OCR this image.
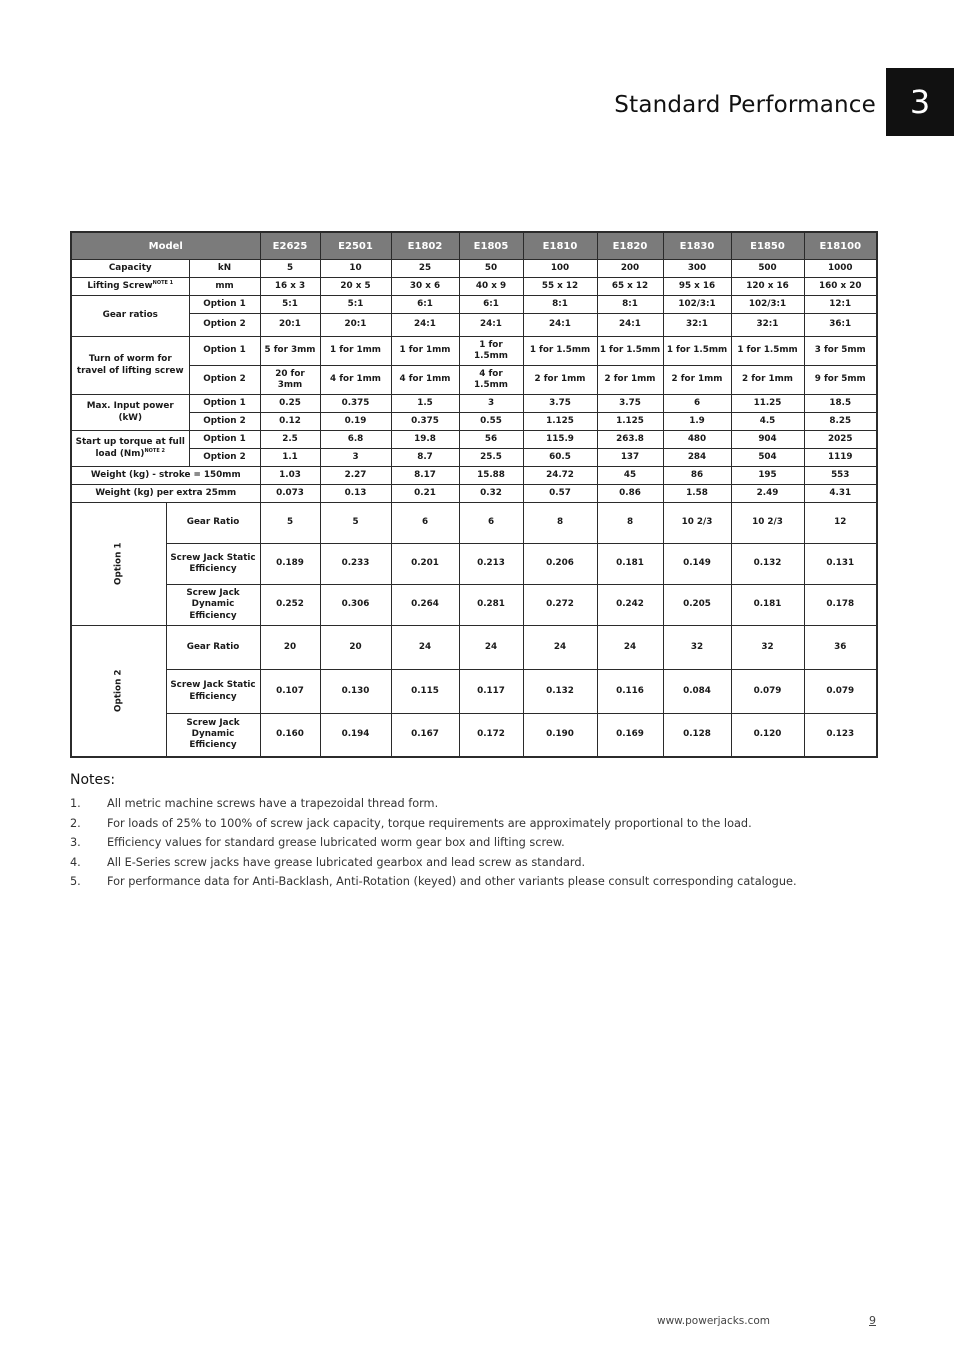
Standard Performance	3
Model			E2625	E2501	E1802	E1805	E1810	E1820	E1830	E1850	E18100
Capacity		kN	5	10	25	50	100	200	300	500	1000
Lifting Screw$^{NOTE 1}$		mm	16 x 3	20 x 5	30 x 6	40 x 9	55 x 12	65 x 12	95 x 16	120 x 16	160 x 20
Gear ratios		Option 1	5:1	5:1	6:1	6:1	8:1	8:1	102/3:1	102/3:1	12:1
		Option 2	20:1	20:1	24:1	24:1	24:1	24:1	32:1	32:1	36:1
Turn of worm for travel of lifting screw		Option 1	5 for 3mm	1 for 1mm	1 for 1mm	1 for 1.5mm	1 for 1.5mm	1 for 1.5mm	1 for 1.5mm	1 for 1.5mm	3 for 5mm
		Option 2	20 for 3mm	4 for 1mm	4 for 1mm	4 for 1.5mm	2 for 1mm	2 for 1mm	2 for 1mm	2 for 1mm	9 for 5mm
Max. Input power (kW)		Option 1	0.25	0.375	1.5	3	3.75	3.75	6	11.25	18.5
		Option 2	0.12	0.19	0.375	0.55	1.125	1.125	1.9	4.5	8.25
Start up torque at full load $(Nm)^{NOTE 2}$		Option 1	2.5	6.8	19.8	56	115.9	263.8	480	904	2025
		Option 2	1.1	3	8.7	25.5	60.5	137	284	504	1119
Weight (kg) - stroke = 150mm			1.03	2.27	8.17	15.88	24.72	45	86	195	553
Weight (kg) per extra 25mm			0.073	0.13	0.21	0.32	0.57	0.86	1.58	2.49	4.31
Option 1	Gear Ratio		5	5	6	6	8	8	10 2/3	10 2/3	12
	Screw Jack Static Efficiency		0.189	0.233	0.201	0.213	0.206	0.181	0.149	0.132	0.131
	Screw Jack Dynamic Efficiency		0.252	0.306	0.264	0.281	0.272	0.242	0.205	0.181	0.178
Option 2	Gear Ratio		20	20	24	24	24	24	32	32	36
	Screw Jack Static Efficiency		0.107	0.130	0.115	0.117	0.132	0.116	0.084	0.079	0.079
	Screw Jack Dynamic Efficiency		0.160	0.194	0.167	0.172	0.190	0.169	0.128	0.120	0.123
Notes:
1.	All metric machine screws have a trapezoidal thread form.
2.	For loads of 25% to 100% of screw jack capacity, torque requirements are approximately proportional to the load.
3.	Efficiency values for standard grease lubricated worm gear box and lifting screw.
4.	All E-Series screw jacks have grease lubricated gearbox and lead screw as standard.
5.	For performance data for Anti-Backlash, Anti-Rotation (keyed) and other variants please consult corresponding catalogue.
www.powerjacks.com	9
